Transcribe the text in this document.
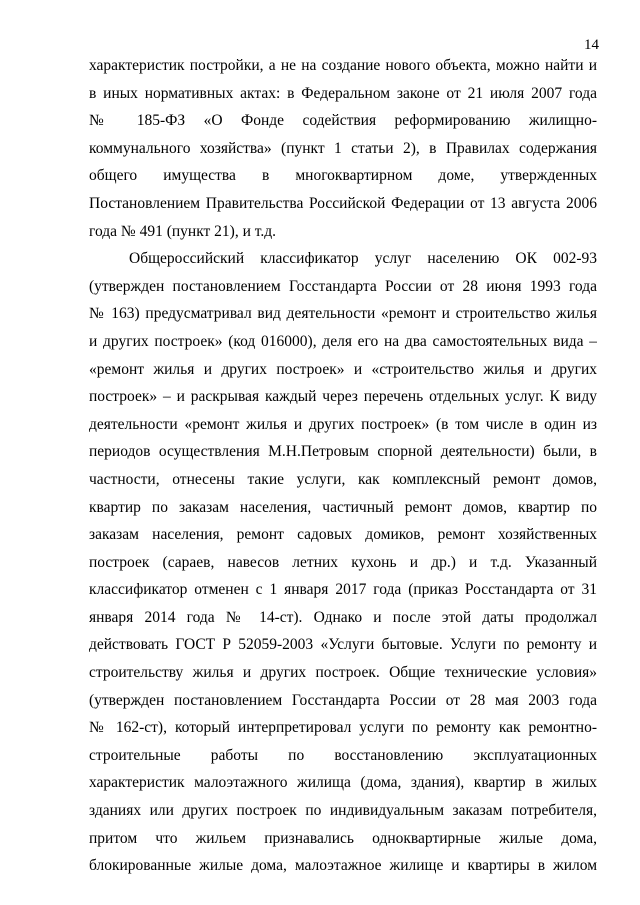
14
характеристик постройки, а не на создание нового объекта, можно найти и
в иных нормативных актах: в Федеральном законе от 21 июля 2007 года
№ 185-ФЗ «О Фонде содействия реформированию жилищно-
коммунального хозяйства» (пункт 1 статьи 2), в Правилах содержания
общего имущества в многоквартирном доме, утвержденных
Постановлением Правительства Российской Федерации от 13 августа 2006
года № 491 (пункт 21), и т.д.
Общероссийский классификатор услуг населению ОК 002-93
(утвержден постановлением Госстандарта России от 28 июня 1993 года
№ 163) предусматривал вид деятельности «ремонт и строительство жилья
и других построек» (код 016000), деля его на два самостоятельных вида –
«ремонт жилья и других построек» и «строительство жилья и других
построек» – и раскрывая каждый через перечень отдельных услуг. К виду
деятельности «ремонт жилья и других построек» (в том числе в один из
периодов осуществления М.Н.Петровым спорной деятельности) были, в
частности, отнесены такие услуги, как комплексный ремонт домов,
квартир по заказам населения, частичный ремонт домов, квартир по
заказам населения, ремонт садовых домиков, ремонт хозяйственных
построек (сараев, навесов летних кухонь и др.) и т.д. Указанный
классификатор отменен с 1 января 2017 года (приказ Росстандарта от 31
января 2014 года № 14-ст). Однако и после этой даты продолжал
действовать ГОСТ Р 52059-2003 «Услуги бытовые. Услуги по ремонту и
строительству жилья и других построек. Общие технические условия»
(утвержден постановлением Госстандарта России от 28 мая 2003 года
№ 162-ст), который интерпретировал услуги по ремонту как ремонтно-
строительные работы по восстановлению эксплуатационных
характеристик малоэтажного жилища (дома, здания), квартир в жилых
зданиях или других построек по индивидуальным заказам потребителя,
притом что жильем признавались одноквартирные жилые дома,
блокированные жилые дома, малоэтажное жилище и квартиры в жилом
